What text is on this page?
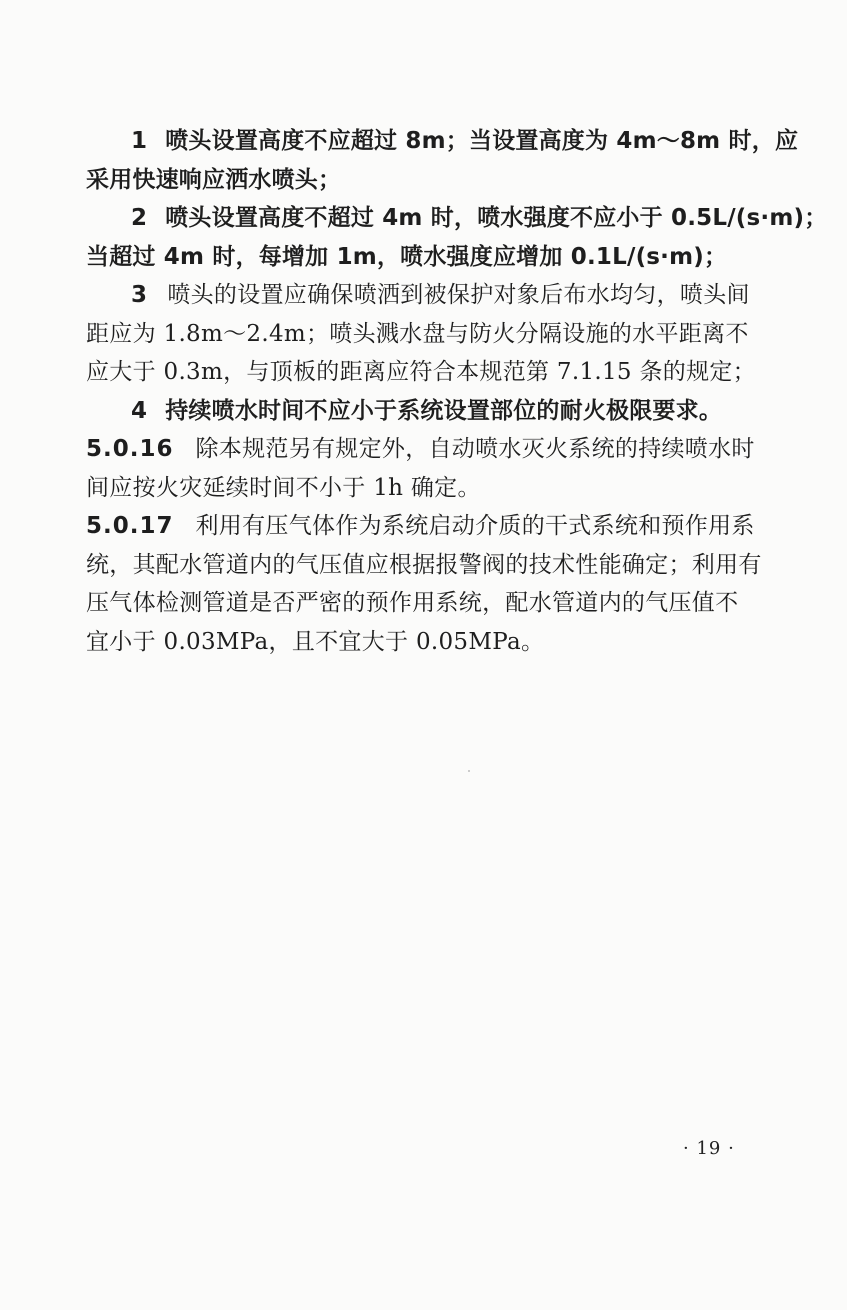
1 喷头设置高度不应超过 8m；当设置高度为 4m～8m 时，应
采用快速响应洒水喷头；
2 喷头设置高度不超过 4m 时，喷水强度不应小于 0.5L/(s·m)；
当超过 4m 时，每增加 1m，喷水强度应增加 0.1L/(s·m)；
3 喷头的设置应确保喷洒到被保护对象后布水均匀，喷头间
距应为 1.8m～2.4m；喷头溅水盘与防火分隔设施的水平距离不
应大于 0.3m，与顶板的距离应符合本规范第 7.1.15 条的规定；
4 持续喷水时间不应小于系统设置部位的耐火极限要求。
5.0.16 除本规范另有规定外，自动喷水灭火系统的持续喷水时
间应按火灾延续时间不小于 1h 确定。
5.0.17 利用有压气体作为系统启动介质的干式系统和预作用系
统，其配水管道内的气压值应根据报警阀的技术性能确定；利用有
压气体检测管道是否严密的预作用系统，配水管道内的气压值不
宜小于 0.03MPa，且不宜大于 0.05MPa。
· 19 ·
